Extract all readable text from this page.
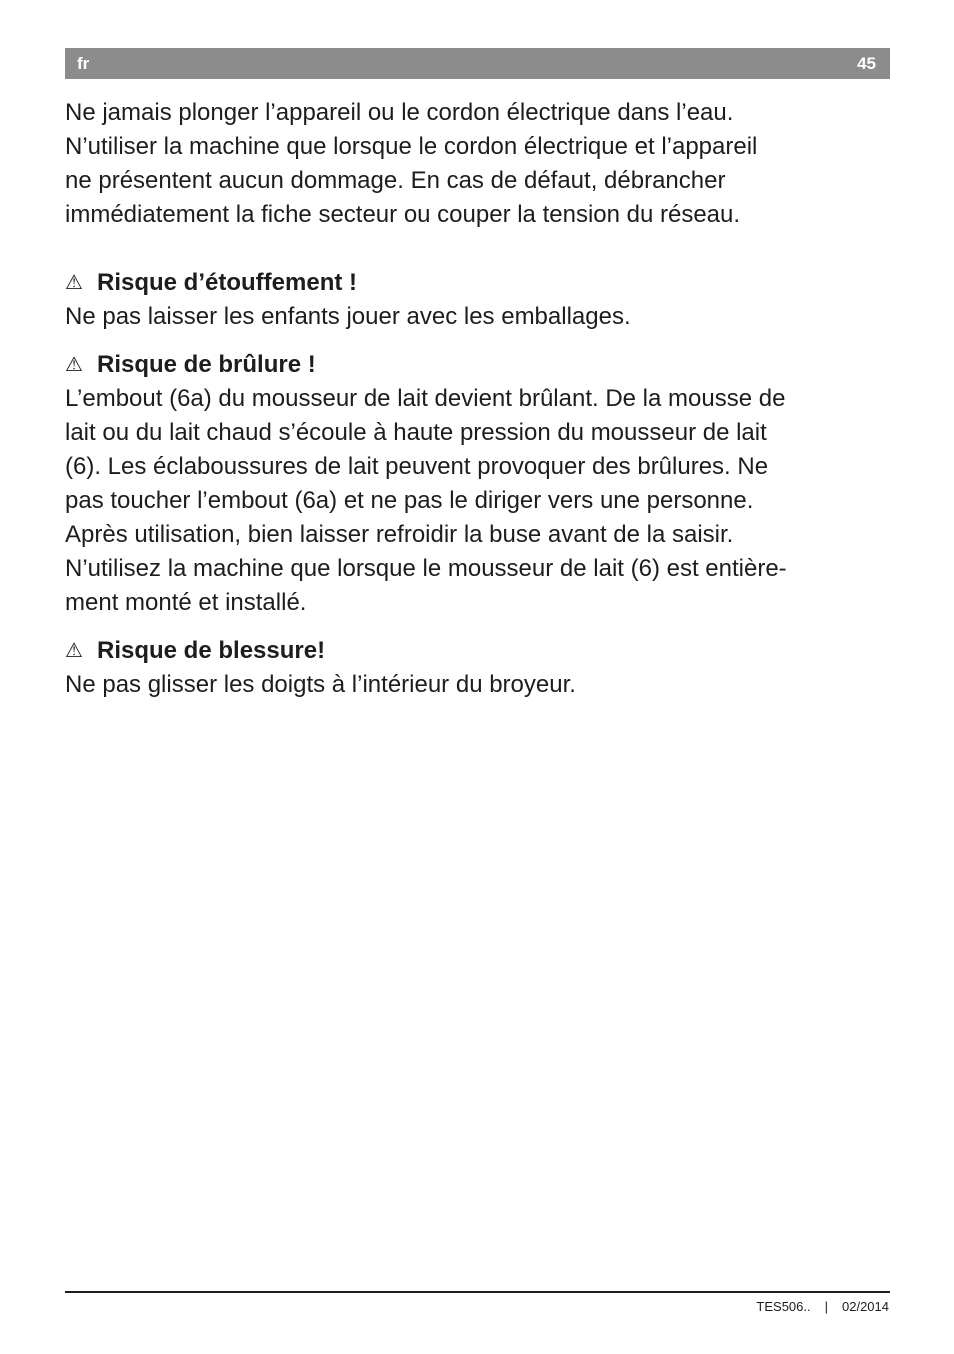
fr	45
Ne jamais plonger l’appareil ou le cordon électrique dans l’eau.
N’utiliser la machine que lorsque le cordon électrique et l’appareil
ne présentent aucun dommage. En cas de défaut, débrancher
immédiatement la fiche secteur ou couper la tension du réseau.
⚠ Risque d’étouffement !
Ne pas laisser les enfants jouer avec les emballages.
⚠ Risque de brûlure !
L’embout (6a) du mousseur de lait devient brûlant. De la mousse de
lait ou du lait chaud s’écoule à haute pression du mousseur de lait
(6). Les éclaboussures de lait peuvent provoquer des brûlures. Ne
pas toucher l’embout (6a) et ne pas le diriger vers une personne.
Après utilisation, bien laisser refroidir la buse avant de la saisir.
N’utilisez la machine que lorsque le mousseur de lait (6) est entière-
ment monté et installé.
⚠ Risque de blessure!
Ne pas glisser les doigts à l’intérieur du broyeur.
TES506.. | 02/2014
